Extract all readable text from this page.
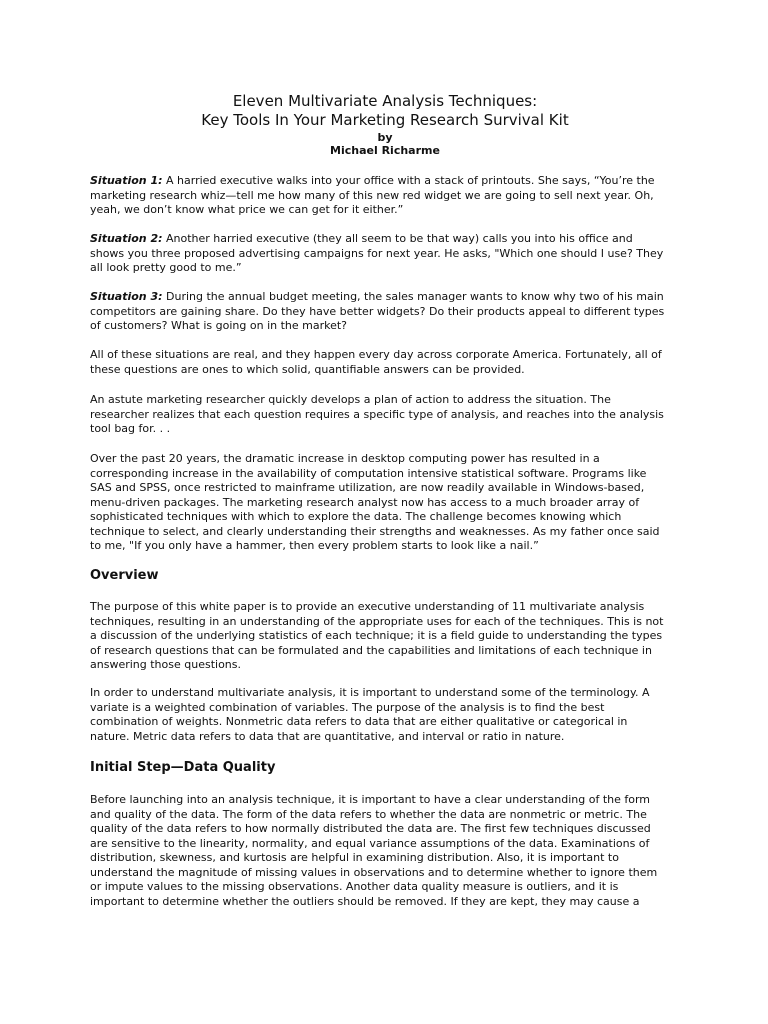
Eleven Multivariate Analysis Techniques:
Key Tools In Your Marketing Research Survival Kit
by
Michael Richarme

Situation 1: A harried executive walks into your office with a stack of printouts. She says, “You’re the marketing research whiz—tell me how many of this new red widget we are going to sell next year. Oh, yeah, we don’t know what price we can get for it either.”

Situation 2: Another harried executive (they all seem to be that way) calls you into his office and shows you three proposed advertising campaigns for next year. He asks, "Which one should I use? They all look pretty good to me.”

Situation 3: During the annual budget meeting, the sales manager wants to know why two of his main competitors are gaining share. Do they have better widgets? Do their products appeal to different types of customers? What is going on in the market?

All of these situations are real, and they happen every day across corporate America. Fortunately, all of these questions are ones to which solid, quantifiable answers can be provided.

An astute marketing researcher quickly develops a plan of action to address the situation. The researcher realizes that each question requires a specific type of analysis, and reaches into the analysis tool bag for. . .

Over the past 20 years, the dramatic increase in desktop computing power has resulted in a corresponding increase in the availability of computation intensive statistical software. Programs like SAS and SPSS, once restricted to mainframe utilization, are now readily available in Windows-based, menu-driven packages. The marketing research analyst now has access to a much broader array of sophisticated techniques with which to explore the data. The challenge becomes knowing which technique to select, and clearly understanding their strengths and weaknesses. As my father once said to me, "If you only have a hammer, then every problem starts to look like a nail.”

Overview

The purpose of this white paper is to provide an executive understanding of 11 multivariate analysis techniques, resulting in an understanding of the appropriate uses for each of the techniques. This is not a discussion of the underlying statistics of each technique; it is a field guide to understanding the types of research questions that can be formulated and the capabilities and limitations of each technique in answering those questions.

In order to understand multivariate analysis, it is important to understand some of the terminology. A variate is a weighted combination of variables. The purpose of the analysis is to find the best combination of weights. Nonmetric data refers to data that are either qualitative or categorical in nature. Metric data refers to data that are quantitative, and interval or ratio in nature.

Initial Step—Data Quality

Before launching into an analysis technique, it is important to have a clear understanding of the form and quality of the data. The form of the data refers to whether the data are nonmetric or metric. The quality of the data refers to how normally distributed the data are. The first few techniques discussed are sensitive to the linearity, normality, and equal variance assumptions of the data. Examinations of distribution, skewness, and kurtosis are helpful in examining distribution. Also, it is important to understand the magnitude of missing values in observations and to determine whether to ignore them or impute values to the missing observations. Another data quality measure is outliers, and it is important to determine whether the outliers should be removed. If they are kept, they may cause a
